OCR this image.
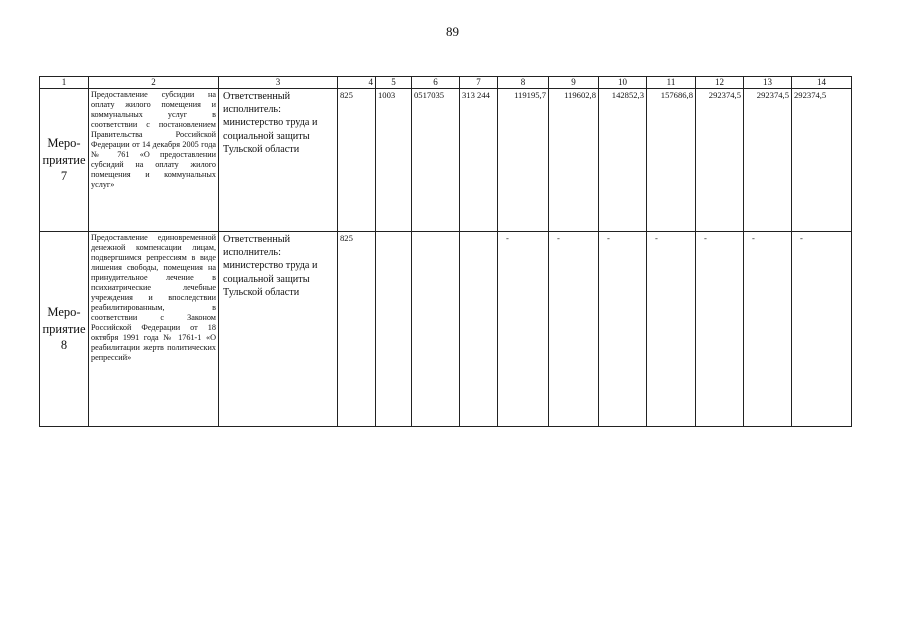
89
1	2	3	4	5	6	7	8	9	10	11	12	13	14
Меро-
приятие 7	Предоставление субсидии на оплату жилого помещения и коммунальных услуг в соответствии с постановлением Правительства Российской Федерации от 14 декабря 2005 года № 761 «О предоставлении субсидий на оплату жилого помещения и коммунальных услуг»	Ответственный исполнитель: министерство труда и социальной защиты Тульской области	825	1003	0517035	313 244	119195,7	119602,8	142852,3	157686,8	292374,5	292374,5	292374,5
Меро-
приятие 8	Предоставление единовременной денежной компенсации лицам, подвергшимся репрессиям в виде лишения свободы, помещения на принудительное лечение в психиатрические лечебные учреждения и впоследствии реабилитированным, в соответствии с Законом Российской Федерации от 18 октября 1991 года № 1761-1 «О реабилитации жертв политических репрессий»	Ответственный исполнитель: министерство труда и социальной защиты Тульской области	825				-	-	-	-	-	-	-
